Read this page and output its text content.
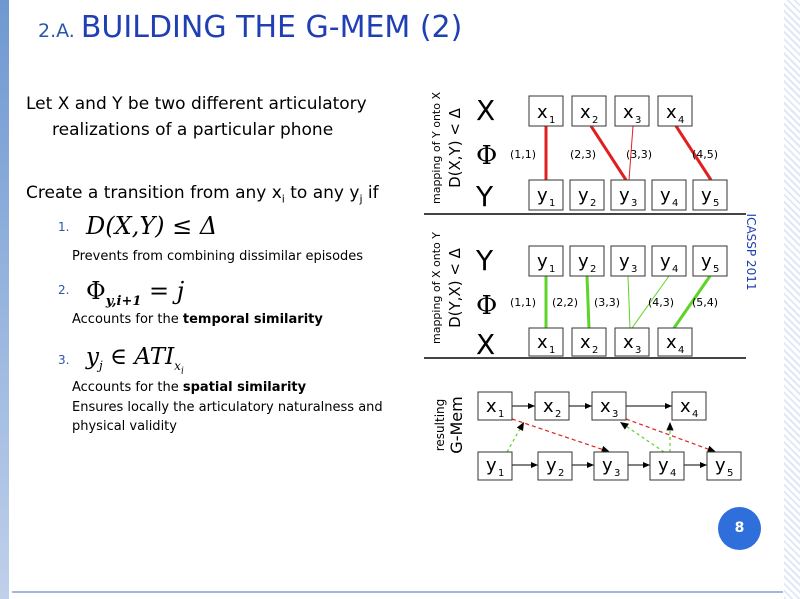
2.A. BUILDING THE G-MEM (2)
Let X and Y be two different articulatory
realizations of a particular phone
Create a transition from any $x_i$ to any $y_j$ if
1. D(X,Y) ≤ Δ
Prevents from combining dissimilar episodes
2. $\Phi_{y,i+1} = j$
Accounts for the temporal similarity
3. $y_j$ ∈ $ATI_{x_i}$
Accounts for the spatial similarity
Ensures locally the articulatory naturalness and
physical validity
mapping of Y onto X D(X,Y) < Δ X
Φ
Y
(1,1)	(2,3)	(3,3)	(4,5)
x 1 x 2 x 3 x 4
y 1 y 2 y 3 y 4 y 5
mapping of X onto Y D(Y,X) < Δ Y
Φ
X
(1,1) (2,2) (3,3)	(4,3) (5,4)
y 1 y 2 y 3 y 4 y 5
x 1 x 2 x 3 x 4
resulting G-Mem x 1 x 2 x 3	x 4
y 1 y 2 y 3 y 4 y 5
ICASSP 2011
8
